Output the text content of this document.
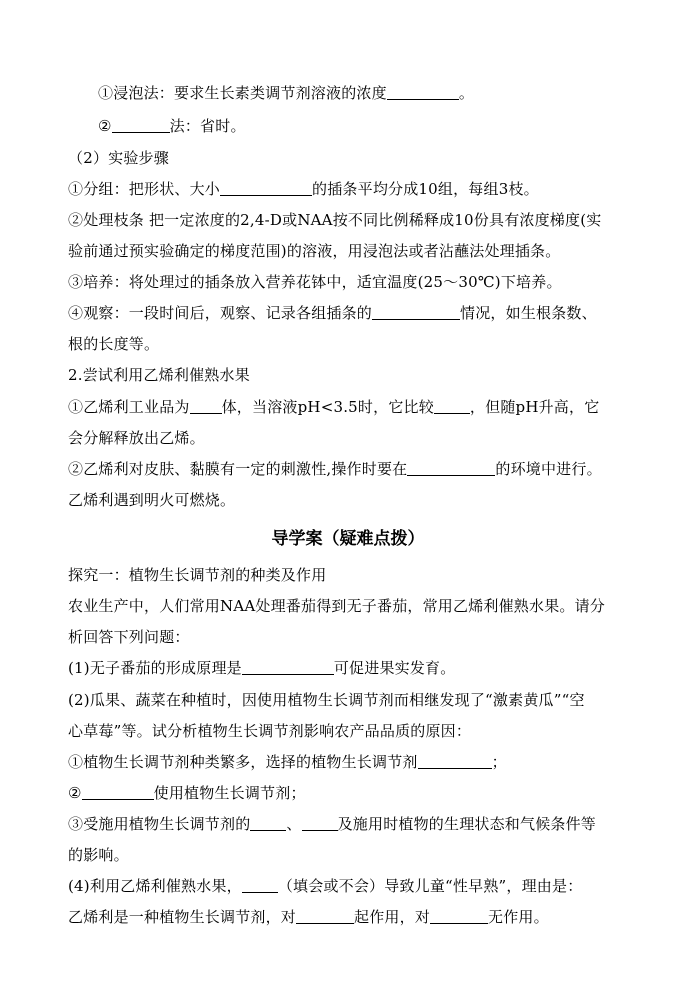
①浸泡法：要求生长素类调节剂溶液的浓度	。
②	法：省时。
（2）实验步骤
①分组：把形状、大小	的插条平均分成10组，每组3枝。
②处理枝条 把一定浓度的2,4-D或NAA按不同比例稀释成10份具有浓度梯度(实
验前通过预实验确定的梯度范围)的溶液，用浸泡法或者沾蘸法处理插条。
③培养：将处理过的插条放入营养花钵中，适宜温度(25～30℃)下培养。
④观察：一段时间后，观察、记录各组插条的	情况，如生根条数、
根的长度等。
2.尝试利用乙烯利催熟水果
①乙烯利工业品为 体，当溶液pH<3.5时，它比较 ，但随pH升高，它
会分解释放出乙烯。
②乙烯利对皮肤、黏膜有一定的刺激性,操作时要在	的环境中进行。
乙烯利遇到明火可燃烧。
导学案（疑难点拨）
探究一：植物生长调节剂的种类及作用
农业生产中，人们常用NAA处理番茄得到无子番茄，常用乙烯利催熟水果。请分
析回答下列问题：
(1)无子番茄的形成原理是	可促进果实发育。
(2)瓜果、蔬菜在种植时，因使用植物生长调节剂而相继发现了“激素黄瓜”“空
心草莓”等。试分析植物生长调节剂影响农产品品质的原因：
①植物生长调节剂种类繁多，选择的植物生长调节剂	；
②	使用植物生长调节剂；
③受施用植物生长调节剂的 、 及施用时植物的生理状态和气候条件等
的影响。
(4)利用乙烯利催熟水果， （填会或不会）导致儿童“性早熟”，理由是：
乙烯利是一种植物生长调节剂，对	起作用，对	无作用。
